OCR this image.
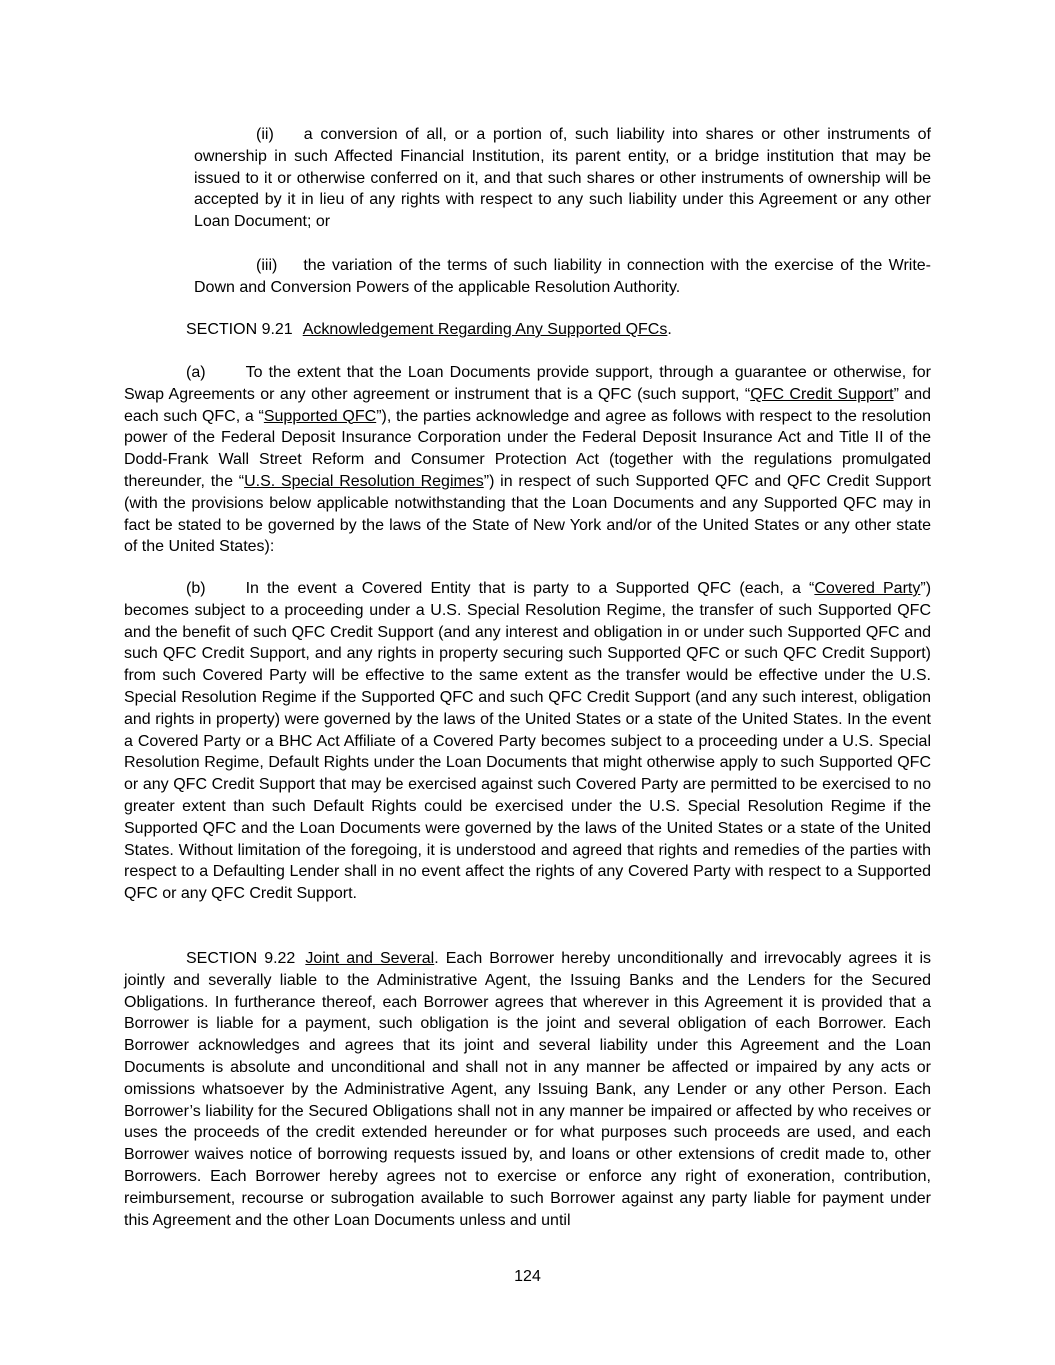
(ii) a conversion of all, or a portion of, such liability into shares or other instruments of ownership in such Affected Financial Institution, its parent entity, or a bridge institution that may be issued to it or otherwise conferred on it, and that such shares or other instruments of ownership will be accepted by it in lieu of any rights with respect to any such liability under this Agreement or any other Loan Document; or

(iii) the variation of the terms of such liability in connection with the exercise of the Write-Down and Conversion Powers of the applicable Resolution Authority.

SECTION 9.21 Acknowledgement Regarding Any Supported QFCs.

(a)	To the extent that the Loan Documents provide support, through a guarantee or otherwise, for Swap Agreements or any other agreement or instrument that is a QFC (such support, “QFC Credit Support” and each such QFC, a “Supported QFC”), the parties acknowledge and agree as follows with respect to the resolution power of the Federal Deposit Insurance Corporation under the Federal Deposit Insurance Act and Title II of the Dodd-Frank Wall Street Reform and Consumer Protection Act (together with the regulations promulgated thereunder, the “U.S. Special Resolution Regimes”) in respect of such Supported QFC and QFC Credit Support (with the provisions below applicable notwithstanding that the Loan Documents and any Supported QFC may in fact be stated to be governed by the laws of the State of New York and/or of the United States or any other state of the United States):

(b)	In the event a Covered Entity that is party to a Supported QFC (each, a “Covered Party”) becomes subject to a proceeding under a U.S. Special Resolution Regime, the transfer of such Supported QFC and the benefit of such QFC Credit Support (and any interest and obligation in or under such Supported QFC and such QFC Credit Support, and any rights in property securing such Supported QFC or such QFC Credit Support) from such Covered Party will be effective to the same extent as the transfer would be effective under the U.S. Special Resolution Regime if the Supported QFC and such QFC Credit Support (and any such interest, obligation and rights in property) were governed by the laws of the United States or a state of the United States. In the event a Covered Party or a BHC Act Affiliate of a Covered Party becomes subject to a proceeding under a U.S. Special Resolution Regime, Default Rights under the Loan Documents that might otherwise apply to such Supported QFC or any QFC Credit Support that may be exercised against such Covered Party are permitted to be exercised to no greater extent than such Default Rights could be exercised under the U.S. Special Resolution Regime if the Supported QFC and the Loan Documents were governed by the laws of the United States or a state of the United States. Without limitation of the foregoing, it is understood and agreed that rights and remedies of the parties with respect to a Defaulting Lender shall in no event affect the rights of any Covered Party with respect to a Supported QFC or any QFC Credit Support.

SECTION 9.22 Joint and Several. Each Borrower hereby unconditionally and irrevocably agrees it is jointly and severally liable to the Administrative Agent, the Issuing Banks and the Lenders for the Secured Obligations. In furtherance thereof, each Borrower agrees that wherever in this Agreement it is provided that a Borrower is liable for a payment, such obligation is the joint and several obligation of each Borrower. Each Borrower acknowledges and agrees that its joint and several liability under this Agreement and the Loan Documents is absolute and unconditional and shall not in any manner be affected or impaired by any acts or omissions whatsoever by the Administrative Agent, any Issuing Bank, any Lender or any other Person. Each Borrower’s liability for the Secured Obligations shall not in any manner be impaired or affected by who receives or uses the proceeds of the credit extended hereunder or for what purposes such proceeds are used, and each Borrower waives notice of borrowing requests issued by, and loans or other extensions of credit made to, other Borrowers. Each Borrower hereby agrees not to exercise or enforce any right of exoneration, contribution, reimbursement, recourse or subrogation available to such Borrower against any party liable for payment under this Agreement and the other Loan Documents unless and until

124
